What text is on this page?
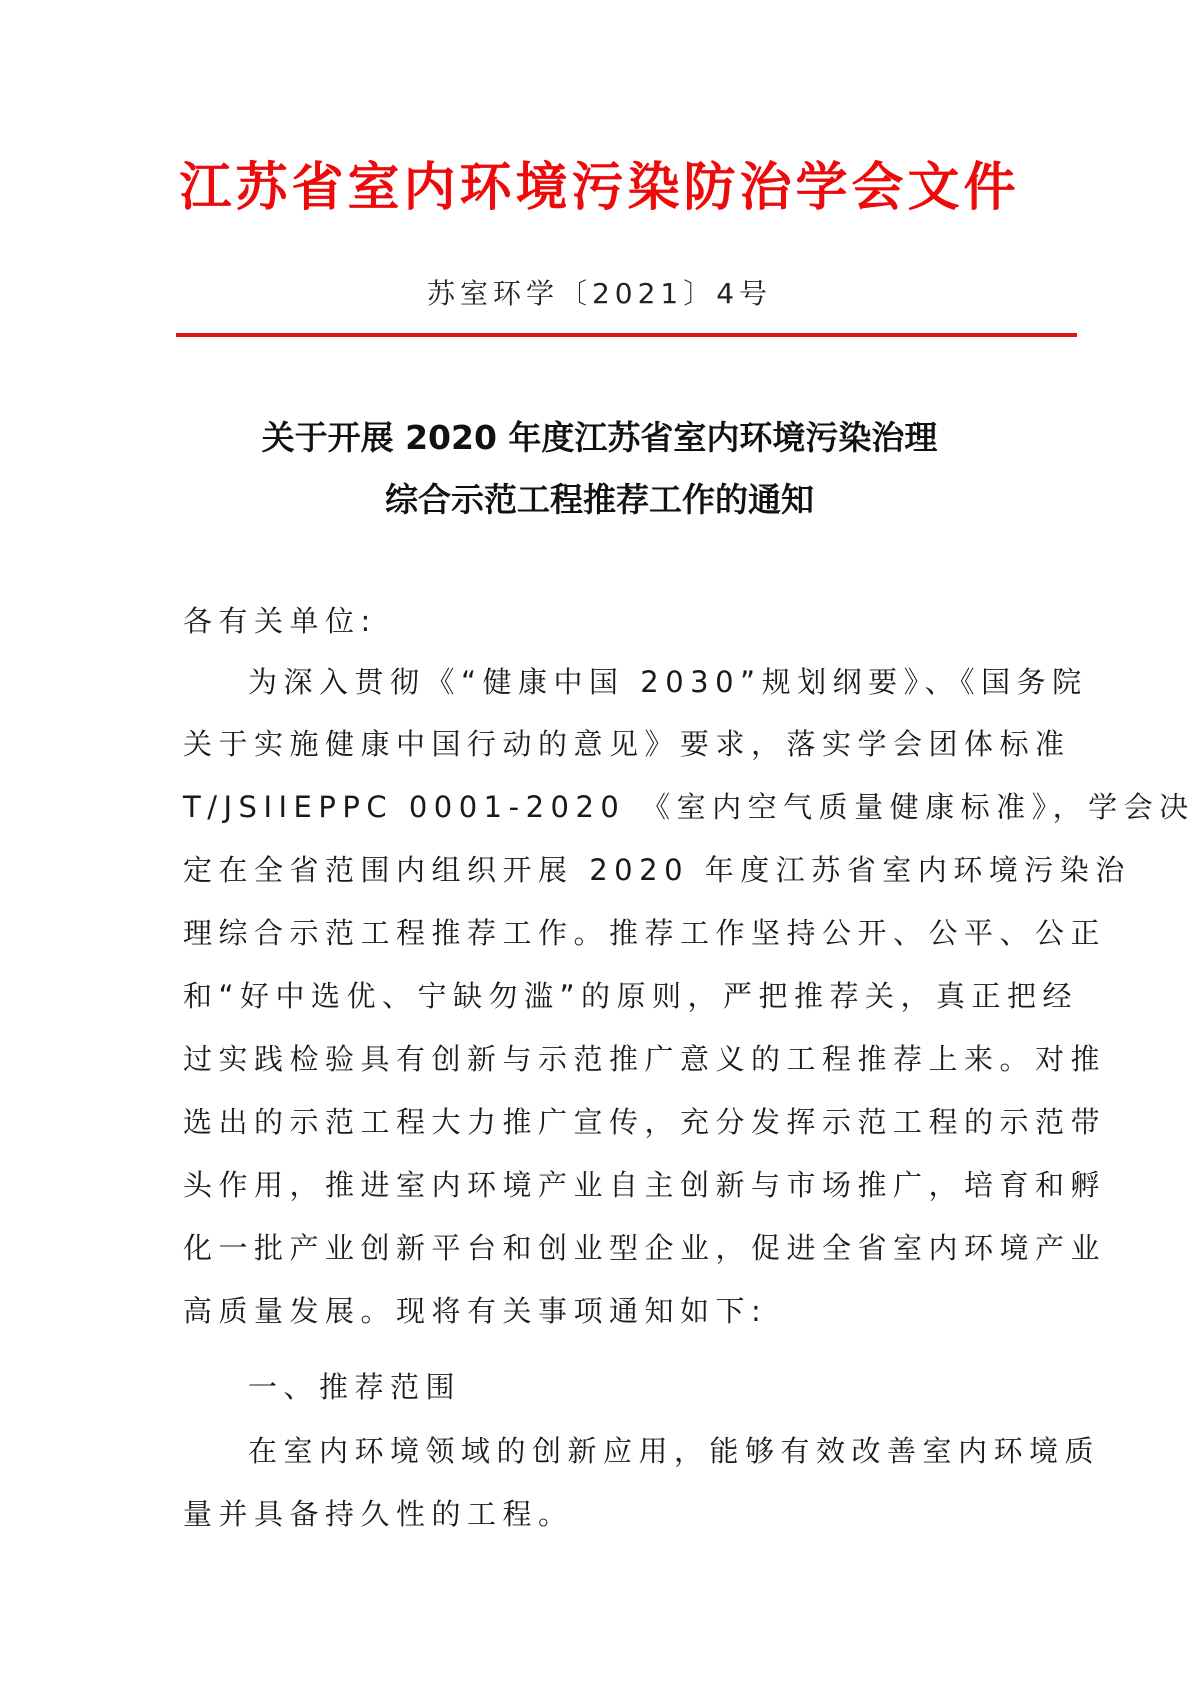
江苏省室内环境污染防治学会文件
苏室环学〔2021〕4号
关于开展 2020 年度江苏省室内环境污染治理
综合示范工程推荐工作的通知
各有关单位:
为深入贯彻《“健康中国 2030”规划纲要》、《国务院
关于实施健康中国行动的意见》要求，落实学会团体标准
T/JSIIEPPC 0001-2020 《室内空气质量健康标准》，学会决
定在全省范围内组织开展 2020 年度江苏省室内环境污染治
理综合示范工程推荐工作。推荐工作坚持公开、公平、公正
和“好中选优、宁缺勿滥”的原则，严把推荐关，真正把经
过实践检验具有创新与示范推广意义的工程推荐上来。对推
选出的示范工程大力推广宣传，充分发挥示范工程的示范带
头作用，推进室内环境产业自主创新与市场推广，培育和孵
化一批产业创新平台和创业型企业，促进全省室内环境产业
高质量发展。现将有关事项通知如下:
一、推荐范围
在室内环境领域的创新应用，能够有效改善室内环境质
量并具备持久性的工程。
